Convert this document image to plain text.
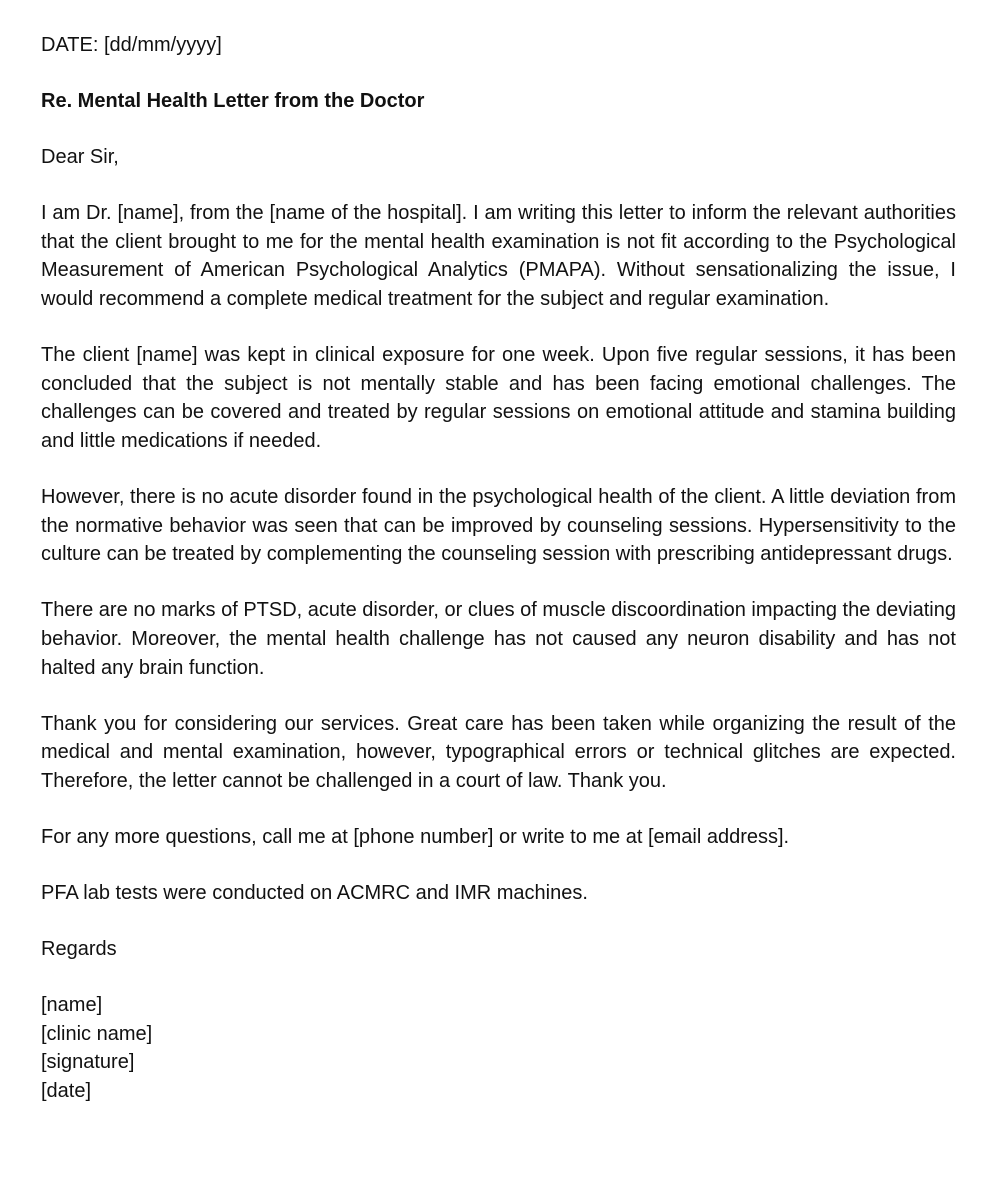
DATE: [dd/mm/yyyy]

Re. Mental Health Letter from the Doctor

Dear Sir,

I am Dr. [name], from the [name of the hospital]. I am writing this letter to inform the relevant authorities that the client brought to me for the mental health examination is not fit according to the Psychological Measurement of American Psychological Analytics (PMAPA). Without sensationalizing the issue, I would recommend a complete medical treatment for the subject and regular examination.

The client [name] was kept in clinical exposure for one week. Upon five regular sessions, it has been concluded that the subject is not mentally stable and has been facing emotional challenges. The challenges can be covered and treated by regular sessions on emotional attitude and stamina building and little medications if needed.

However, there is no acute disorder found in the psychological health of the client. A little deviation from the normative behavior was seen that can be improved by counseling sessions. Hypersensitivity to the culture can be treated by complementing the counseling session with prescribing antidepressant drugs.

There are no marks of PTSD, acute disorder, or clues of muscle discoordination impacting the deviating behavior. Moreover, the mental health challenge has not caused any neuron disability and has not halted any brain function.

Thank you for considering our services. Great care has been taken while organizing the result of the medical and mental examination, however, typographical errors or technical glitches are expected. Therefore, the letter cannot be challenged in a court of law. Thank you.

For any more questions, call me at [phone number] or write to me at [email address].

PFA lab tests were conducted on ACMRC and IMR machines.

Regards

[name]

[clinic name]

[signature]

[date]
